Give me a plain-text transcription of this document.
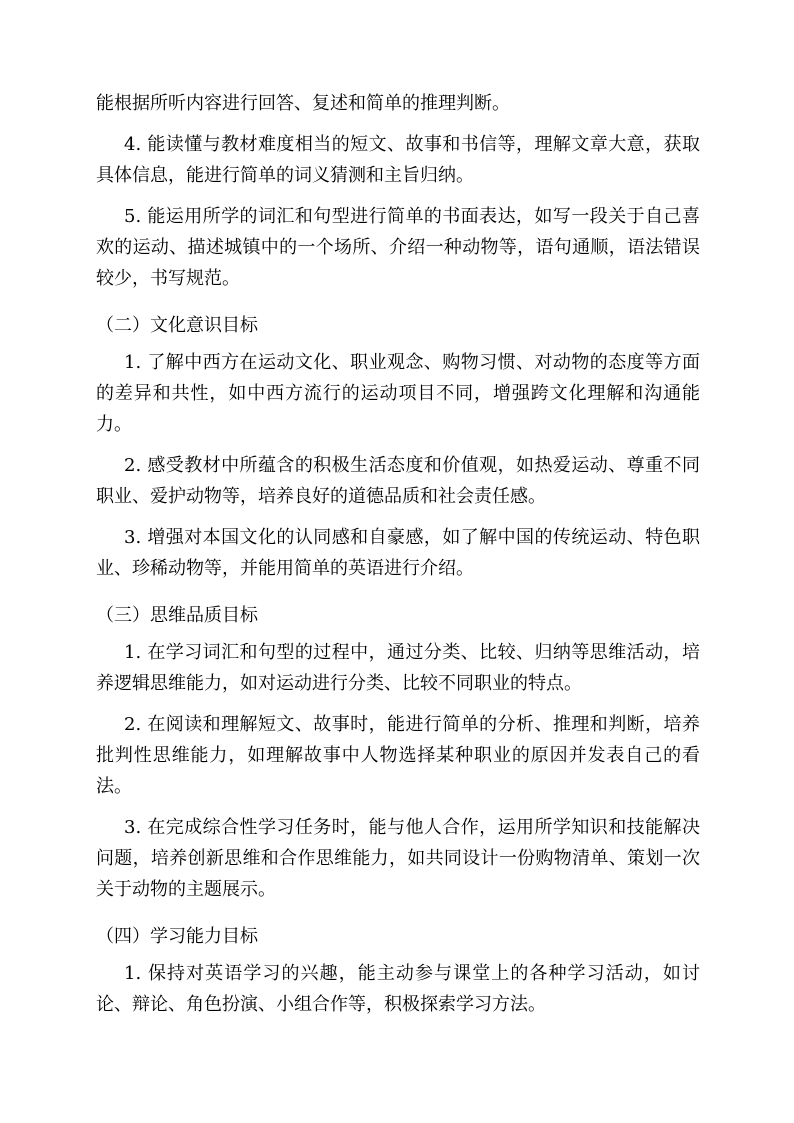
能根据所听内容进行回答、复述和简单的推理判断。

4. 能读懂与教材难度相当的短文、故事和书信等，理解文章大意，获取具体信息，能进行简单的词义猜测和主旨归纳。

5. 能运用所学的词汇和句型进行简单的书面表达，如写一段关于自己喜欢的运动、描述城镇中的一个场所、介绍一种动物等，语句通顺，语法错误较少，书写规范。

（二）文化意识目标

1. 了解中西方在运动文化、职业观念、购物习惯、对动物的态度等方面的差异和共性，如中西方流行的运动项目不同，增强跨文化理解和沟通能力。

2. 感受教材中所蕴含的积极生活态度和价值观，如热爱运动、尊重不同职业、爱护动物等，培养良好的道德品质和社会责任感。

3. 增强对本国文化的认同感和自豪感，如了解中国的传统运动、特色职业、珍稀动物等，并能用简单的英语进行介绍。

（三）思维品质目标

1. 在学习词汇和句型的过程中，通过分类、比较、归纳等思维活动，培养逻辑思维能力，如对运动进行分类、比较不同职业的特点。

2. 在阅读和理解短文、故事时，能进行简单的分析、推理和判断，培养批判性思维能力，如理解故事中人物选择某种职业的原因并发表自己的看法。

3. 在完成综合性学习任务时，能与他人合作，运用所学知识和技能解决问题，培养创新思维和合作思维能力，如共同设计一份购物清单、策划一次关于动物的主题展示。

（四）学习能力目标

1. 保持对英语学习的兴趣，能主动参与课堂上的各种学习活动，如讨论、辩论、角色扮演、小组合作等，积极探索学习方法。
